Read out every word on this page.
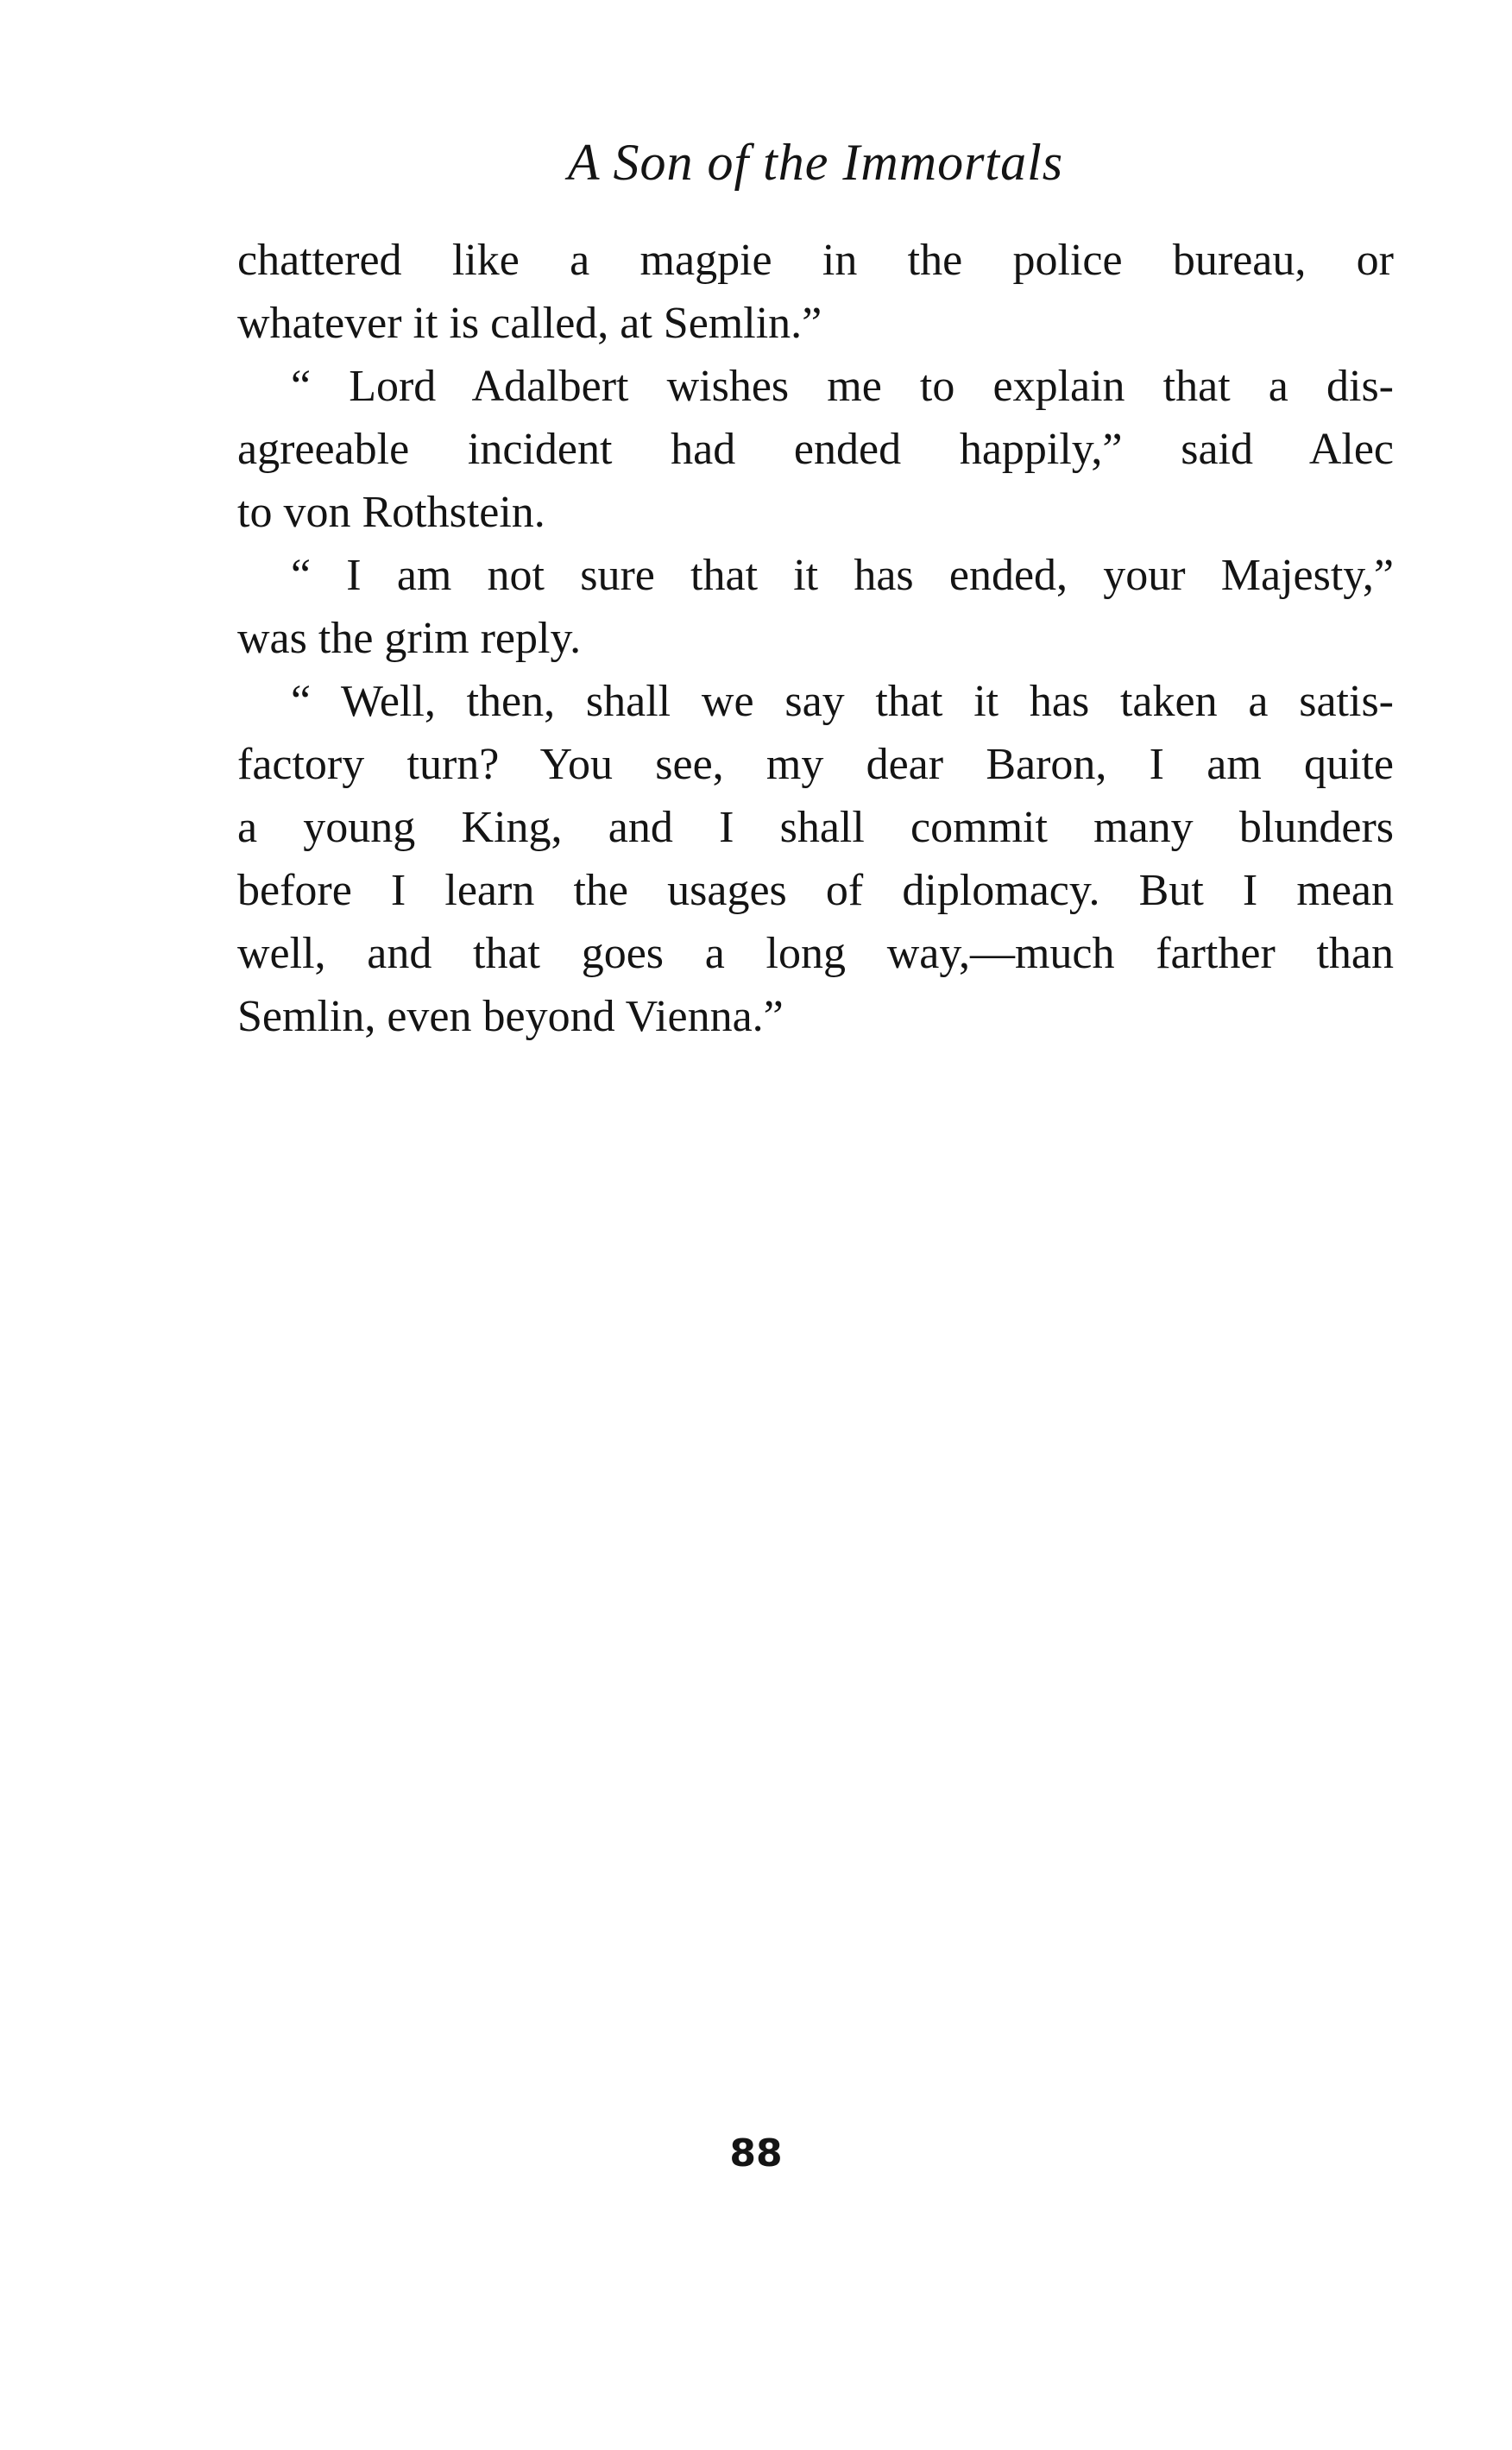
A Son of the Immortals
chattered like a magpie in the police bureau, or
whatever it is called, at Semlin.”
“ Lord Adalbert wishes me to explain that a dis-
agreeable incident had ended happily,” said Alec
to von Rothstein.
“ I am not sure that it has ended, your Majesty,”
was the grim reply.
“ Well, then, shall we say that it has taken a satis-
factory turn? You see, my dear Baron, I am quite
a young King, and I shall commit many blunders
before I learn the usages of diplomacy. But I mean
well, and that goes a long way,—much farther than
Semlin, even beyond Vienna.”
88
